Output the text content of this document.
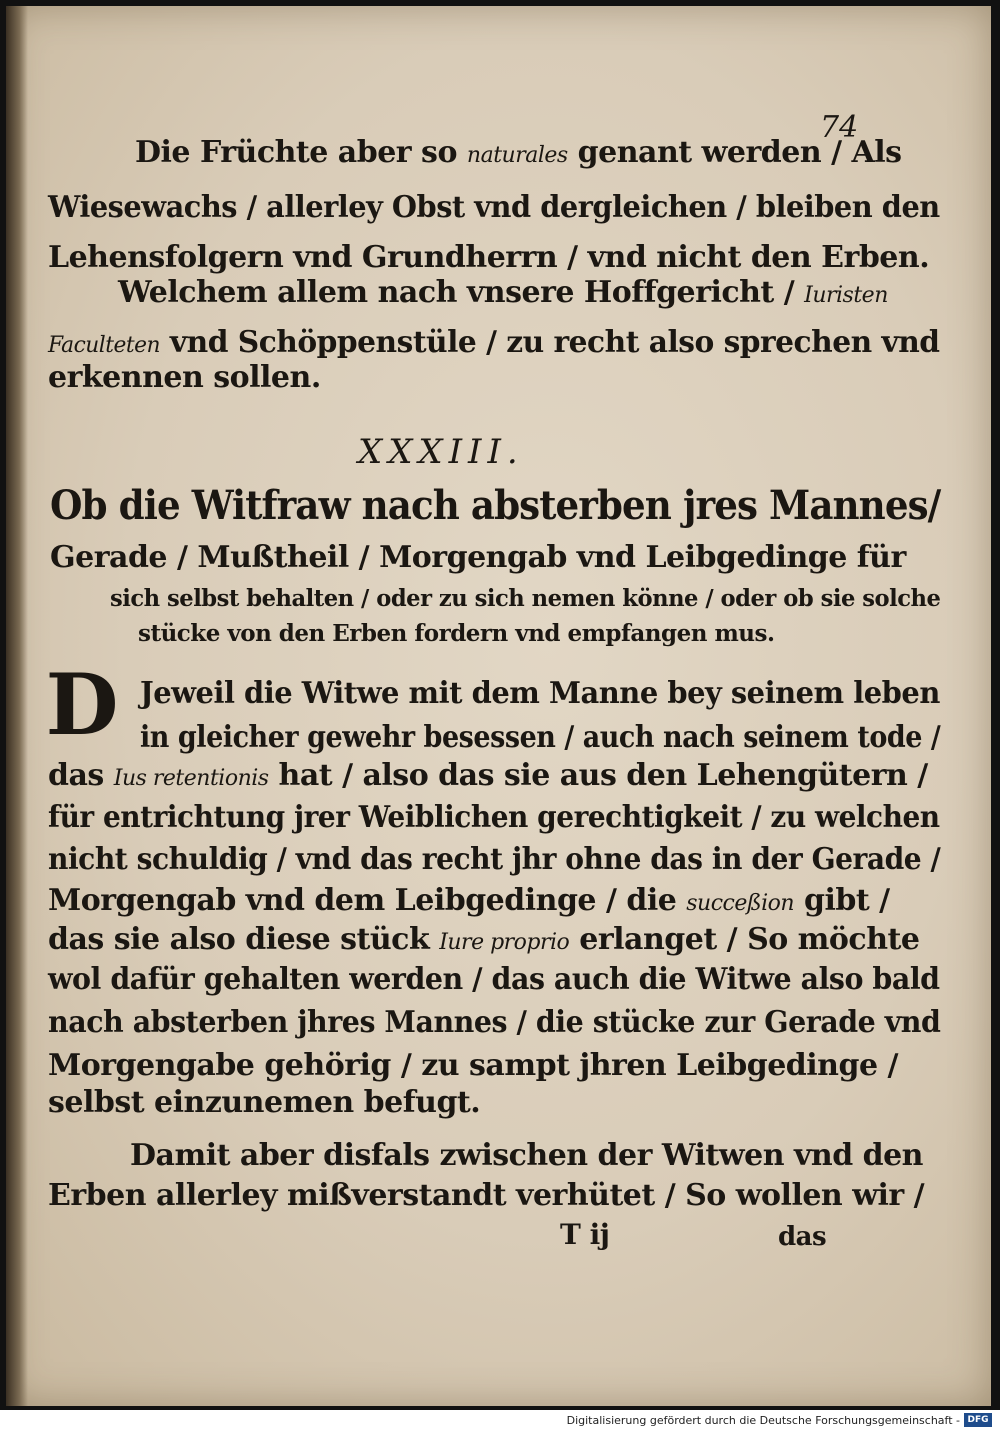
74
Die Früchte aber so naturales genant werden / Als
Wiesewachs / allerley Obst vnd dergleichen / bleiben den
Lehensfolgern vnd Grundherrn / vnd nicht den Erben.
Welchem allem nach vnsere Hoffgericht / Iuristen
Faculteten vnd Schöppenstüle / zu recht also sprechen vnd
erkennen sollen.
XXXIII.
Ob die Witfraw nach absterben jres Mannes/
Gerade / Mußtheil / Morgengab vnd Leibgedinge für
sich selbst behalten / oder zu sich nemen könne / oder ob sie solche
stücke von den Erben fordern vnd empfangen mus.
D Jeweil die Witwe mit dem Manne bey seinem leben
in gleicher gewehr besessen / auch nach seinem tode /
das Ius retentionis hat / also das sie aus den Lehengütern /
für entrichtung jrer Weiblichen gerechtigkeit / zu welchen
nicht schuldig / vnd das recht jhr ohne das in der Gerade /
Morgengab vnd dem Leibgedinge / die succeßion gibt /
das sie also diese stück Iure proprio erlanget / So möchte
wol dafür gehalten werden / das auch die Witwe also bald
nach absterben jhres Mannes / die stücke zur Gerade vnd
Morgengabe gehörig / zu sampt jhren Leibgedinge /
selbst einzunemen befugt.
Damit aber disfals zwischen der Witwen vnd den
Erben allerley mißverstandt verhütet / So wollen wir /
T ij	das
Digitalisierung gefördert durch die Deutsche Forschungsgemeinschaft - DFG
